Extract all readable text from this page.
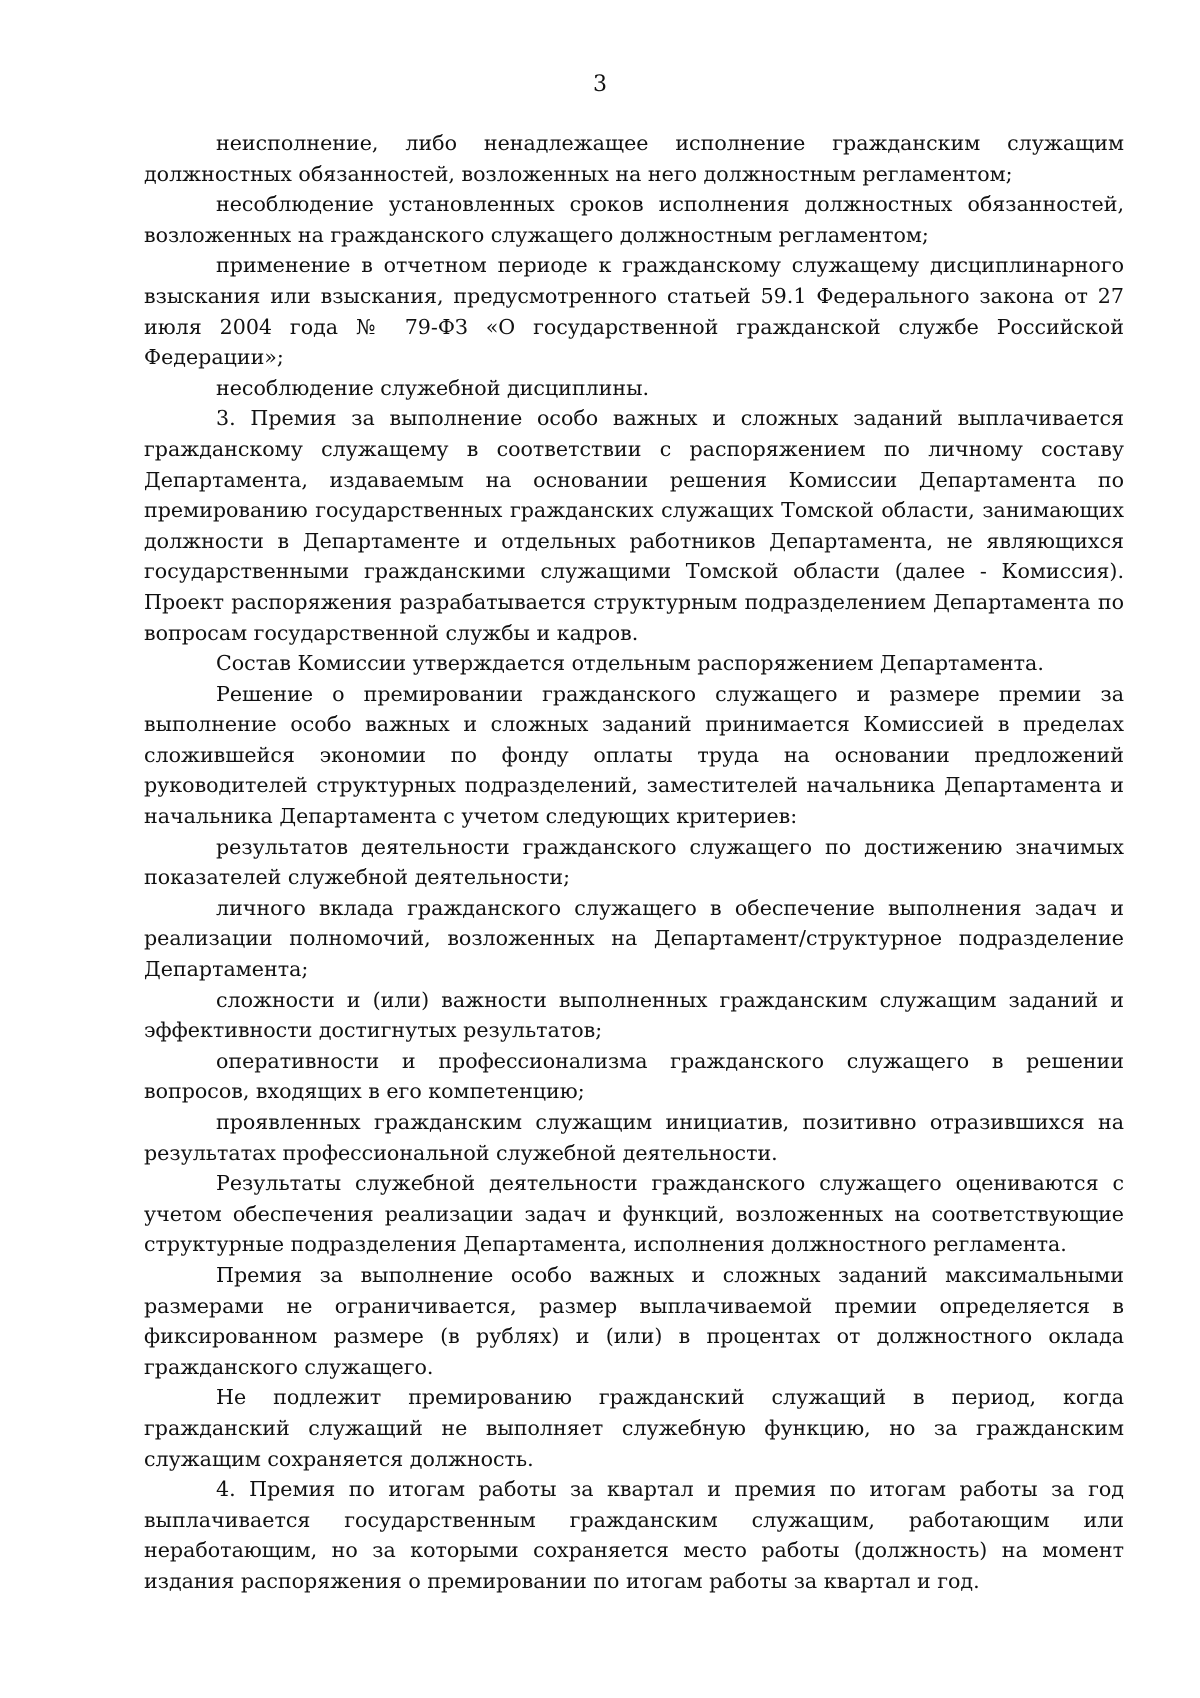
3

неисполнение, либо ненадлежащее исполнение гражданским служащим должностных обязанностей, возложенных на него должностным регламентом;

несоблюдение установленных сроков исполнения должностных обязанностей, возложенных на гражданского служащего должностным регламентом;

применение в отчетном периоде к гражданскому служащему дисциплинарного взыскания или взыскания, предусмотренного статьей 59.1 Федерального закона от 27 июля 2004 года № 79-ФЗ «О государственной гражданской службе Российской Федерации»;

несоблюдение служебной дисциплины.

3. Премия за выполнение особо важных и сложных заданий выплачивается гражданскому служащему в соответствии с распоряжением по личному составу Департамента, издаваемым на основании решения Комиссии Департамента по премированию государственных гражданских служащих Томской области, занимающих должности в Департаменте и отдельных работников Департамента, не являющихся государственными гражданскими служащими Томской области (далее - Комиссия). Проект распоряжения разрабатывается структурным подразделением Департамента по вопросам государственной службы и кадров.

Состав Комиссии утверждается отдельным распоряжением Департамента.

Решение о премировании гражданского служащего и размере премии за выполнение особо важных и сложных заданий принимается Комиссией в пределах сложившейся экономии по фонду оплаты труда на основании предложений руководителей структурных подразделений, заместителей начальника Департамента и начальника Департамента с учетом следующих критериев:

результатов деятельности гражданского служащего по достижению значимых показателей служебной деятельности;

личного вклада гражданского служащего в обеспечение выполнения задач и реализации полномочий, возложенных на Департамент/структурное подразделение Департамента;

сложности и (или) важности выполненных гражданским служащим заданий и эффективности достигнутых результатов;

оперативности и профессионализма гражданского служащего в решении вопросов, входящих в его компетенцию;

проявленных гражданским служащим инициатив, позитивно отразившихся на результатах профессиональной служебной деятельности.

Результаты служебной деятельности гражданского служащего оцениваются с учетом обеспечения реализации задач и функций, возложенных на соответствующие структурные подразделения Департамента, исполнения должностного регламента.

Премия за выполнение особо важных и сложных заданий максимальными размерами не ограничивается, размер выплачиваемой премии определяется в фиксированном размере (в рублях) и (или) в процентах от должностного оклада гражданского служащего.

Не подлежит премированию гражданский служащий в период, когда гражданский служащий не выполняет служебную функцию, но за гражданским служащим сохраняется должность.

4. Премия по итогам работы за квартал и премия по итогам работы за год выплачивается государственным гражданским служащим, работающим или неработающим, но за которыми сохраняется место работы (должность) на момент издания распоряжения о премировании по итогам работы за квартал и год.
